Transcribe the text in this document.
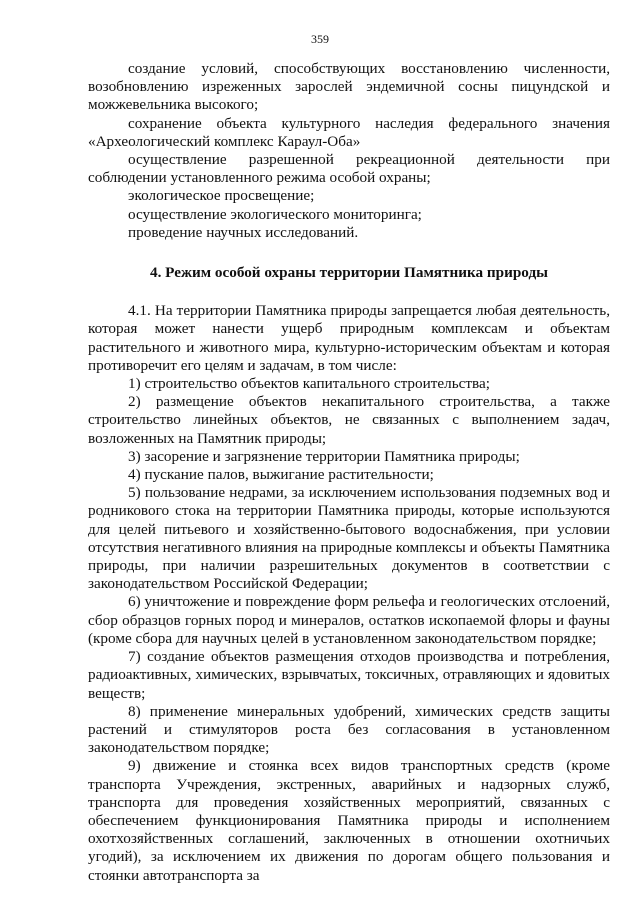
359

создание условий, способствующих восстановлению численности, возобновлению изреженных зарослей эндемичной сосны пицундской и можжевельника высокого;

сохранение объекта культурного наследия федерального значения «Археологический комплекс Караул-Оба»

осуществление разрешенной рекреационной деятельности при соблюдении установленного режима особой охраны;

экологическое просвещение;

осуществление экологического мониторинга;

проведение научных исследований.

4. Режим особой охраны территории Памятника природы

4.1. На территории Памятника природы запрещается любая деятельность, которая может нанести ущерб природным комплексам и объектам растительного и животного мира, культурно-историческим объектам и которая противоречит его целям и задачам, в том числе:

1) строительство объектов капитального строительства;

2) размещение объектов некапитального строительства, а также строительство линейных объектов, не связанных с выполнением задач, возложенных на Памятник природы;

3) засорение и загрязнение территории Памятника природы;

4) пускание палов, выжигание растительности;

5) пользование недрами, за исключением использования подземных вод и родникового стока на территории Памятника природы, которые используются для целей питьевого и хозяйственно-бытового водоснабжения, при условии отсутствия негативного влияния на природные комплексы и объекты Памятника природы, при наличии разрешительных документов в соответствии с законодательством Российской Федерации;

6) уничтожение и повреждение форм рельефа и геологических отслоений, сбор образцов горных пород и минералов, остатков ископаемой флоры и фауны (кроме сбора для научных целей в установленном законодательством порядке;

7) создание объектов размещения отходов производства и потребления, радиоактивных, химических, взрывчатых, токсичных, отравляющих и ядовитых веществ;

8) применение минеральных удобрений, химических средств защиты растений и стимуляторов роста без согласования в установленном законодательством порядке;

9) движение и стоянка всех видов транспортных средств (кроме транспорта Учреждения, экстренных, аварийных и надзорных служб, транспорта для проведения хозяйственных мероприятий, связанных с обеспечением функционирования Памятника природы и исполнением охотхозяйственных соглашений, заключенных в отношении охотничьих угодий), за исключением их движения по дорогам общего пользования и стоянки автотранспорта за
